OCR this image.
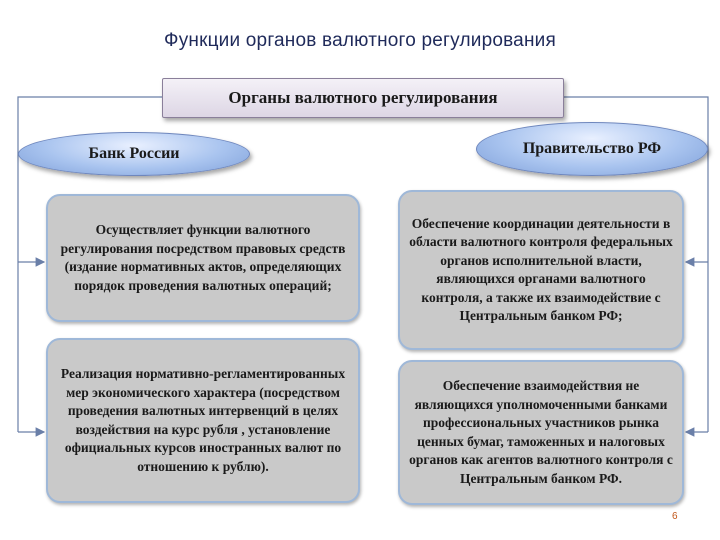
Функции органов валютного регулирования
Органы валютного регулирования
Банк России	Правительство РФ
Осуществляет функции валютного регулирования посредством правовых средств (издание нормативных актов, определяющих порядок проведения валютных операций;
Реализация нормативно-регламентированных мер экономического характера (посредством проведения валютных интервенций в целях воздействия на курс рубля , установление официальных курсов иностранных валют по отношению к рублю).
Обеспечение координации деятельности в области валютного контроля федеральных органов исполнительной власти, являющихся органами валютного контроля, а также их взаимодействие с Центральным банком РФ;
Обеспечение взаимодействия не являющихся уполномоченными банками профессиональных участников рынка ценных бумаг, таможенных и налоговых органов как агентов валютного контроля с Центральным банком РФ.
6
